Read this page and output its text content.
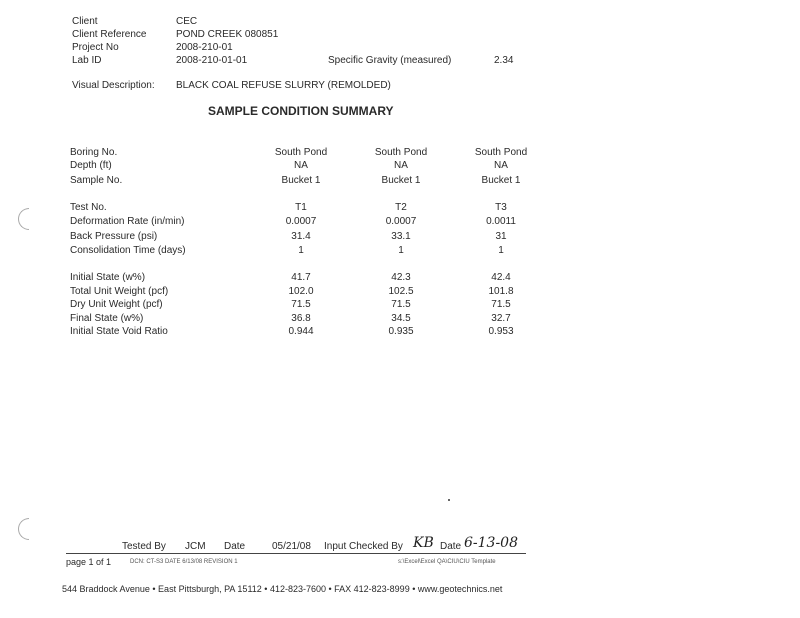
Client	CEC
Client Reference	POND CREEK 080851
Project No	2008-210-01
Lab ID	2008-210-01-01	Specific Gravity (measured)	2.34
Visual Description: BLACK COAL REFUSE SLURRY (REMOLDED)
SAMPLE CONDITION SUMMARY
Boring No.	South Pond	South Pond	South Pond
Depth (ft)	NA	NA	NA
Sample No.	Bucket 1	Bucket 1	Bucket 1
Test No.	T1	T2	T3
Deformation Rate (in/min)	0.0007	0.0007	0.0011
Back Pressure (psi)	31.4	33.1	31
Consolidation Time (days)	1	1	1
Initial State (w%)	41.7	42.3	42.4
Total Unit Weight (pcf)	102.0	102.5	101.8
Dry Unit Weight (pcf)	71.5	71.5	71.5
Final State (w%)	36.8	34.5	32.7
Initial State Void Ratio	0.944	0.935	0.953
Tested By JCM Date	05/21/08 Input Checked By KB Date 6-13-08
page 1 of 1	DCN: CT-S3 DATE 6/13/08 REVISION 1	s:\Excel\Excel QA\CIU\CIU Template
544 Braddock Avenue • East Pittsburgh, PA 15112 • 412-823-7600 • FAX 412-823-8999 • www.geotechnics.net
